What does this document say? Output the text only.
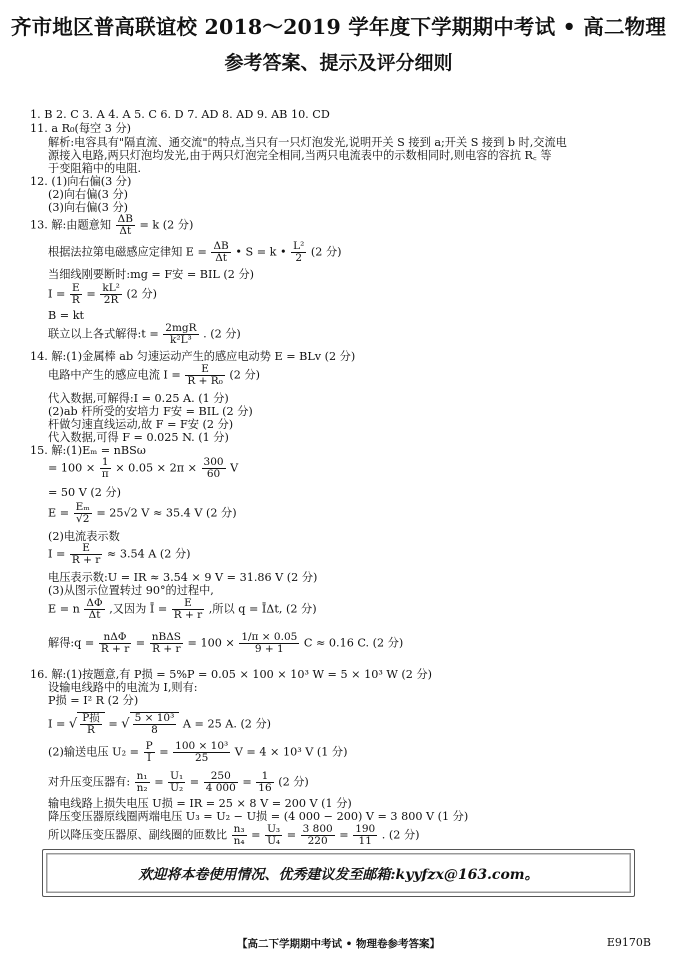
齐市地区普高联谊校 2018～2019 学年度下学期期中考试 • 高二物理
参考答案、提示及评分细则
1. B 2. C 3. A 4. A 5. C 6. D 7. AD 8. AD 9. AB 10. CD
11. a R₀(每空 3 分)
解析:电容具有"隔直流、通交流"的特点,当只有一只灯泡发光,说明开关 S 接到 a;开关 S 接到 b 时,交流电
源接入电路,两只灯泡均发光,由于两只灯泡完全相同,当两只电流表中的示数相同时,则电容的容抗 R꜀ 等
于变阻箱中的电阻.
12. (1)向右偏(3 分)
(2)向右偏(3 分)
(3)向右偏(3 分)
13. 解:由题意知 $\frac{\Delta B}{\Delta t} = k$ (2 分)
根据法拉第电磁感应定律知 $E = \frac{\Delta B}{\Delta t}$ • S = k • $\frac{\text{L²}}{2} (2$ 分)
当细线刚要断时:mg = F安 = BIL (2 分)
$I = \frac{E}{R} = \frac{\text{kL²}}{2R} (2$ 分)
B = kt
联立以上各式解得:t = $\frac{\text{2mgR}}{\text{k²L³}}$ . (2 分)
14. 解:(1)金属棒 ab 匀速运动产生的感应电动势 E = BLv (2 分)
电路中产生的感应电流 $I = \frac{E}{\text{R + R₀}} (2$ 分)
代入数据,可解得:I = 0.25 A. (1 分)
(2)ab 杆所受的安培力 F安 = BIL (2 分)
杆做匀速直线运动,故 F = F安 (2 分)
代入数据,可得 F = 0.025 N. (1 分)
15. 解:(1)Eₘ = nBSω
= $100 \times \frac{1}{\pi} \times 0.05 \times 2\pi \times \frac{300}{60}$ V
= 50 V (2 分)
$E = \frac{\text{Eₘ}}{√2} = 25√2$ V ≈ 35.4 V (2 分)
(2)电流表示数
$I = \frac{E}{R + r} \approx 3.54$ A (2 分)
电压表示数:U = IR ≈ 3.54 × 9 V = 31.86 V (2 分)
(3)从图示位置转过 90°的过程中,
E = n $\frac{\Delta\Phi}{\Delta t}$ ,又因为 Ī = $\frac{E}{R + r}$ ,所以 q = ĪΔt, (2 分)
解得:q = $\frac{\text{nΔΦ}}{R + r} = \frac{\text{nBΔS}}{R + r} = 100 \times \frac{1/\pi \times 0.05}{9 + 1}$ C ≈ 0.16 C. (2 分)
16. 解:(1)按题意,有 P损 = 5%P = 0.05 × 100 × 10³ W = 5 × 10³ W (2 分)
设输电线路中的电流为 I,则有:
P损 = I² R (2 分)
I = √ $\frac{\text{P损}}{R}$ = √ $\frac{\text{5 × 10³}}{8}$ A = 25 A. (2 分)
(2)输送电压 $U_2 = \frac{P}{I} = \frac{\text{100 × 10³}}{25}$ V = 4 × 10³ V (1 分)
对升压变压器有: $\frac{\text{n₁}}{\text{n₂}} = \frac{\text{U₁}}{\text{U₂}} = \frac{250}{4 000} = \frac{1}{16} (2$ 分)
输电线路上损失电压 U损 = IR = 25 × 8 V = 200 V (1 分)
降压变压器原线圈两端电压 U₃ = U₂ − U损 = (4 000 − 200) V = 3 800 V (1 分)
所以降压变压器原、副线圈的匝数比 $\frac{\text{n₃}}{\text{n₄}} = \frac{\text{U₃}}{\text{U₄}} = \frac{3 800}{220} = \frac{190}{11}$ . (2 分)
欢迎将本卷使用情况、优秀建议发至邮箱:kyyfzx@163.com。
【高二下学期期中考试 • 物理卷参考答案】	E9170B
